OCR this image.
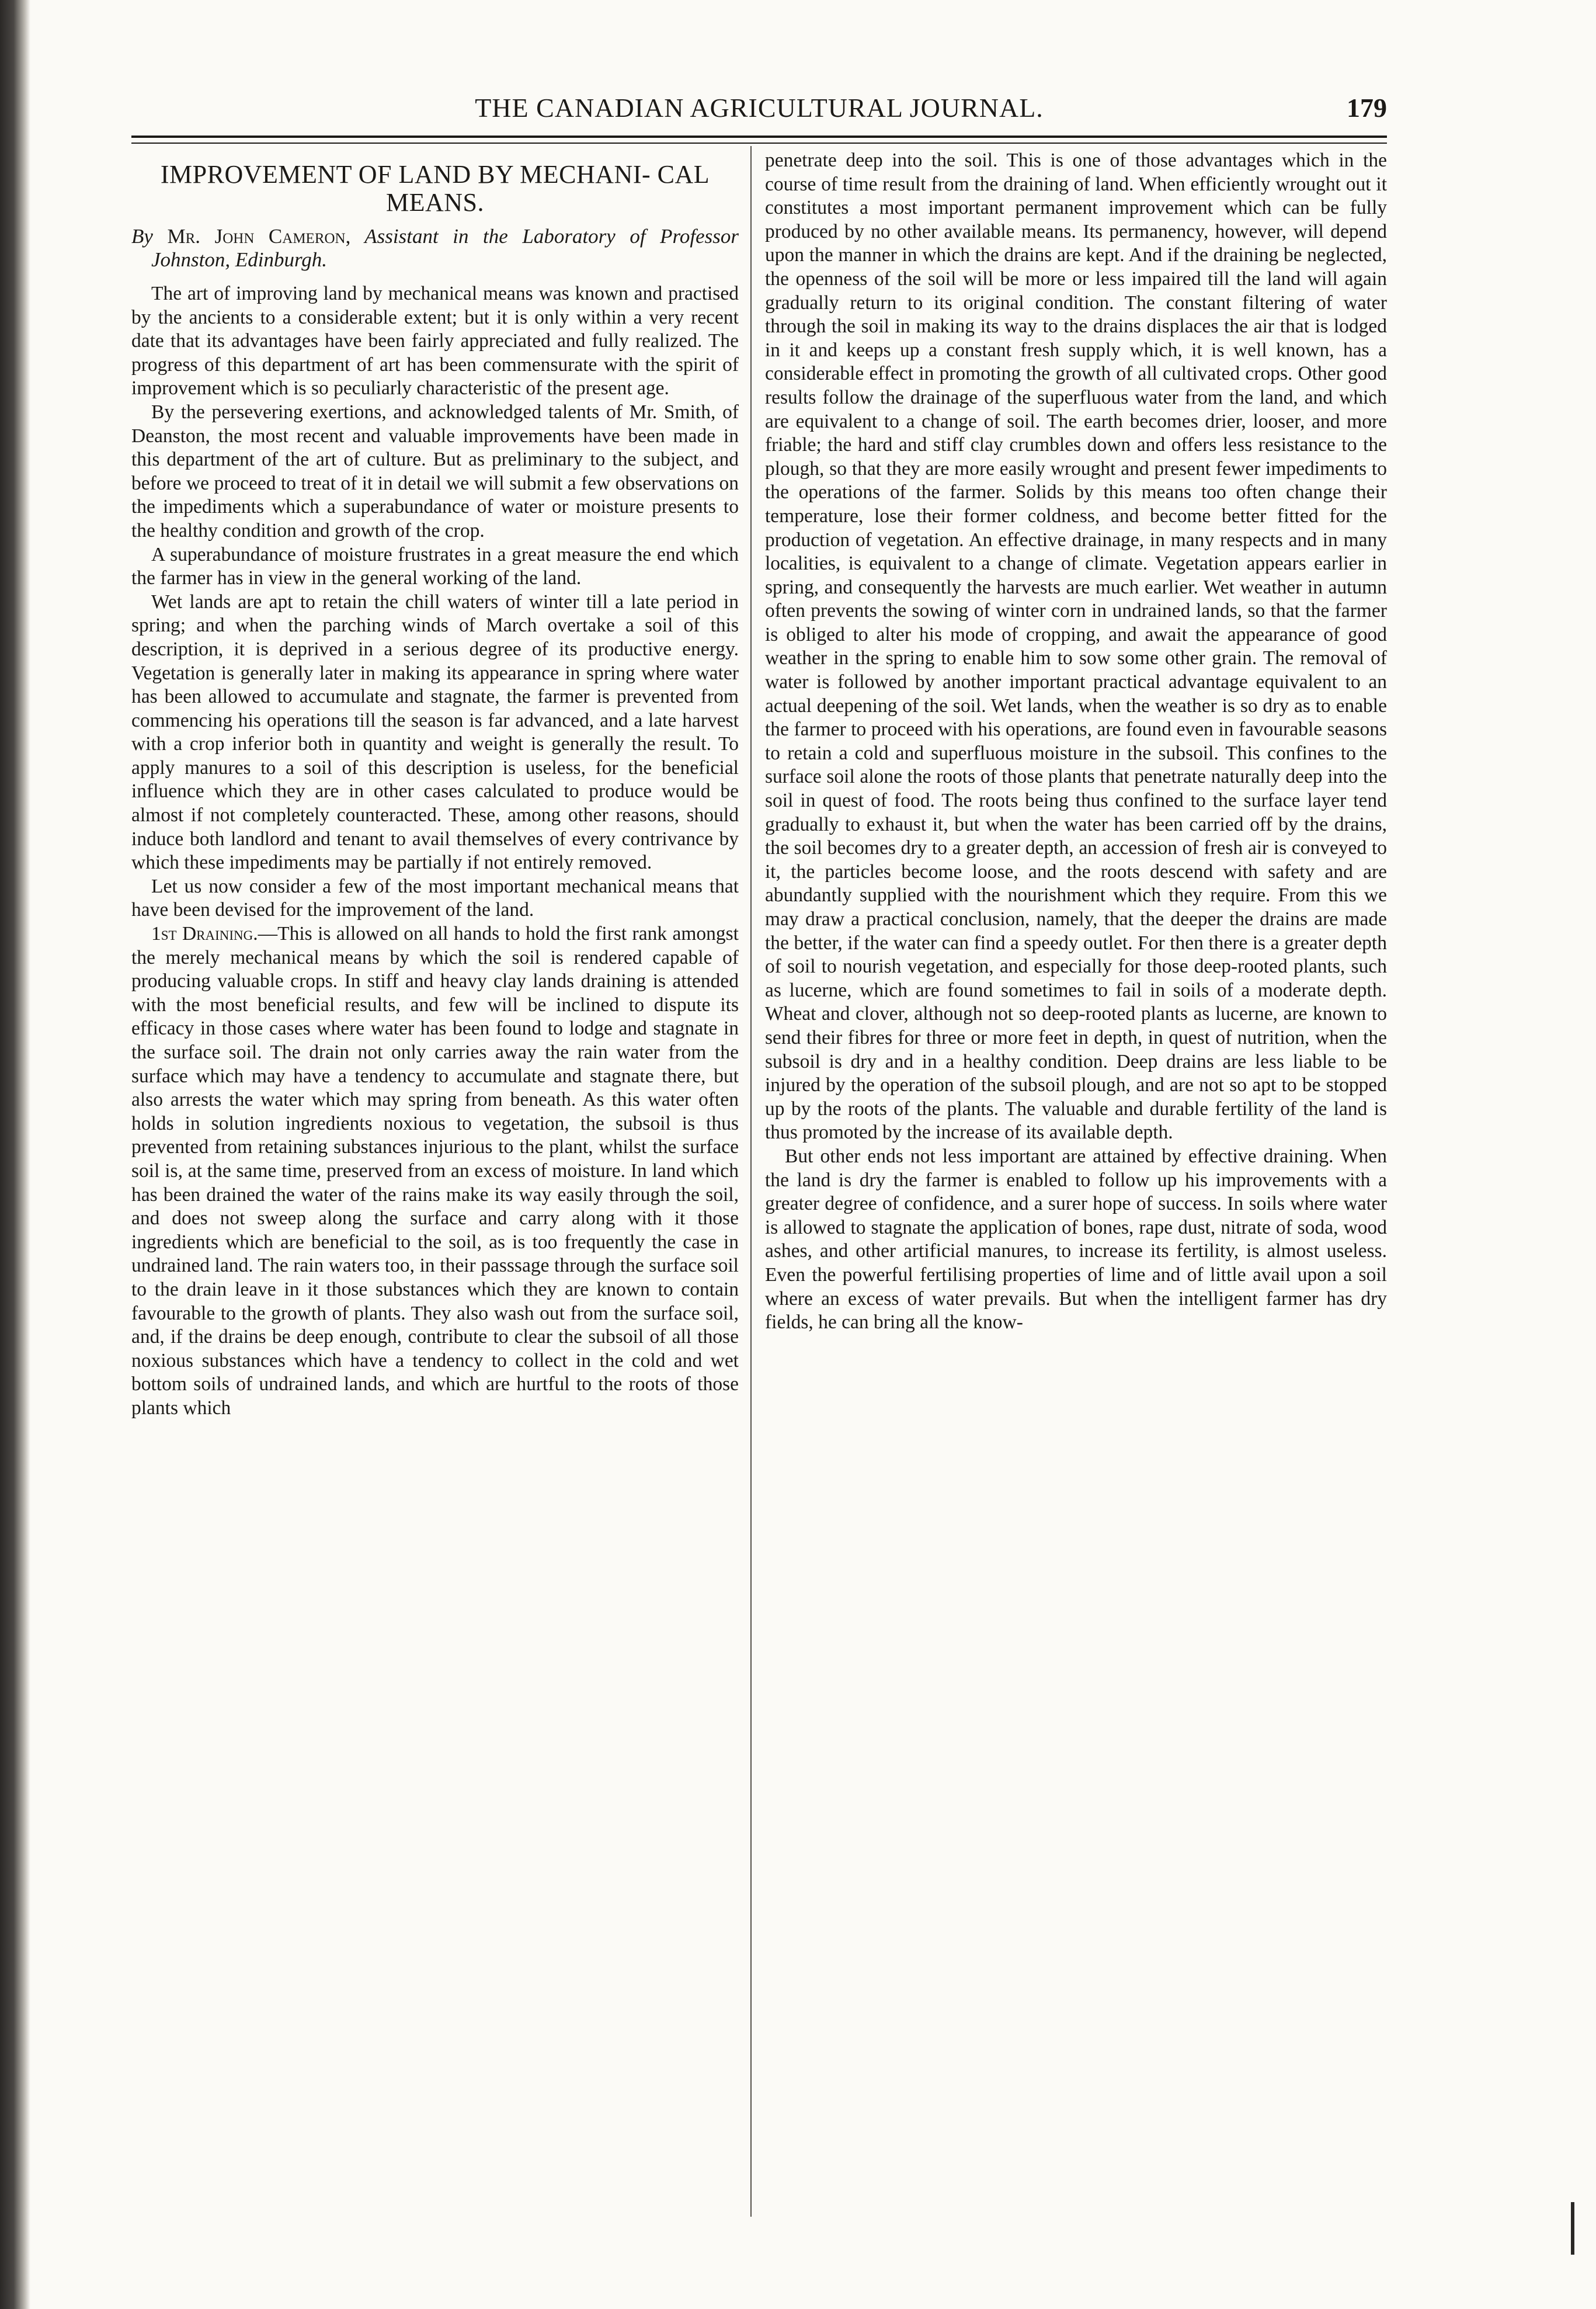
THE CANADIAN AGRICULTURAL JOURNAL.	179
IMPROVEMENT OF LAND BY MECHANI- CAL MEANS.
By Mr. John Cameron, Assistant in the Laboratory of Professor Johnston, Edinburgh.

The art of improving land by mechanical means was known and practised by the ancients to a considerable extent; but it is only within a very recent date that its advantages have been fairly appreciated and fully realized. The progress of this department of art has been commensurate with the spirit of improvement which is so peculiarly characteristic of the present age.

By the persevering exertions, and acknowledged talents of Mr. Smith, of Deanston, the most recent and valuable improvements have been made in this department of the art of culture. But as preliminary to the subject, and before we proceed to treat of it in detail we will submit a few observations on the impediments which a superabundance of water or moisture presents to the healthy condition and growth of the crop.

A superabundance of moisture frustrates in a great measure the end which the farmer has in view in the general working of the land.

Wet lands are apt to retain the chill waters of winter till a late period in spring; and when the parching winds of March overtake a soil of this description, it is deprived in a serious degree of its productive energy. Vegetation is generally later in making its appearance in spring where water has been allowed to accumulate and stagnate, the farmer is prevented from commencing his operations till the season is far advanced, and a late harvest with a crop inferior both in quantity and weight is generally the result. To apply manures to a soil of this description is useless, for the beneficial influence which they are in other cases calculated to produce would be almost if not completely counteracted. These, among other reasons, should induce both landlord and tenant to avail themselves of every contrivance by which these impediments may be partially if not entirely removed.

Let us now consider a few of the most important mechanical means that have been devised for the improvement of the land.

1st Draining.—This is allowed on all hands to hold the first rank amongst the merely mechanical means by which the soil is rendered capable of producing valuable crops. In stiff and heavy clay lands draining is attended with the most beneficial results, and few will be inclined to dispute its efficacy in those cases where water has been found to lodge and stagnate in the surface soil. The drain not only carries away the rain water from the surface which may have a tendency to accumulate and stagnate there, but also arrests the water which may spring from beneath. As this water often holds in solution ingredients noxious to vegetation, the subsoil is thus prevented from retaining substances injurious to the plant, whilst the surface soil is, at the same time, preserved from an excess of moisture. In land which has been drained the water of the rains make its way easily through the soil, and does not sweep along the surface and carry along with it those ingredients which are beneficial to the soil, as is too frequently the case in undrained land. The rain waters too, in their passsage through the surface soil to the drain leave in it those substances which they are known to contain favourable to the growth of plants. They also wash out from the surface soil, and, if the drains be deep enough, contribute to clear the subsoil of all those noxious substances which have a tendency to collect in the cold and wet bottom soils of undrained lands, and which are hurtful to the roots of those plants which

penetrate deep into the soil. This is one of those advantages which in the course of time result from the draining of land. When efficiently wrought out it constitutes a most important permanent improvement which can be fully produced by no other available means. Its permanency, however, will depend upon the manner in which the drains are kept. And if the draining be neglected, the openness of the soil will be more or less impaired till the land will again gradually return to its original condition. The constant filtering of water through the soil in making its way to the drains displaces the air that is lodged in it and keeps up a constant fresh supply which, it is well known, has a considerable effect in promoting the growth of all cultivated crops. Other good results follow the drainage of the superfluous water from the land, and which are equivalent to a change of soil. The earth becomes drier, looser, and more friable; the hard and stiff clay crumbles down and offers less resistance to the plough, so that they are more easily wrought and present fewer impediments to the operations of the farmer. Solids by this means too often change their temperature, lose their former coldness, and become better fitted for the production of vegetation. An effective drainage, in many respects and in many localities, is equivalent to a change of climate. Vegetation appears earlier in spring, and consequently the harvests are much earlier. Wet weather in autumn often prevents the sowing of winter corn in undrained lands, so that the farmer is obliged to alter his mode of cropping, and await the appearance of good weather in the spring to enable him to sow some other grain. The removal of water is followed by another important practical advantage equivalent to an actual deepening of the soil. Wet lands, when the weather is so dry as to enable the farmer to proceed with his operations, are found even in favourable seasons to retain a cold and superfluous moisture in the subsoil. This confines to the surface soil alone the roots of those plants that penetrate naturally deep into the soil in quest of food. The roots being thus confined to the surface layer tend gradually to exhaust it, but when the water has been carried off by the drains, the soil becomes dry to a greater depth, an accession of fresh air is conveyed to it, the particles become loose, and the roots descend with safety and are abundantly supplied with the nourishment which they require. From this we may draw a practical conclusion, namely, that the deeper the drains are made the better, if the water can find a speedy outlet. For then there is a greater depth of soil to nourish vegetation, and especially for those deep-rooted plants, such as lucerne, which are found sometimes to fail in soils of a moderate depth. Wheat and clover, although not so deep-rooted plants as lucerne, are known to send their fibres for three or more feet in depth, in quest of nutrition, when the subsoil is dry and in a healthy condition. Deep drains are less liable to be injured by the operation of the subsoil plough, and are not so apt to be stopped up by the roots of the plants. The valuable and durable fertility of the land is thus promoted by the increase of its available depth.

But other ends not less important are attained by effective draining. When the land is dry the farmer is enabled to follow up his improvements with a greater degree of confidence, and a surer hope of success. In soils where water is allowed to stagnate the application of bones, rape dust, nitrate of soda, wood ashes, and other artificial manures, to increase its fertility, is almost useless. Even the powerful fertilising properties of lime and of little avail upon a soil where an excess of water prevails. But when the intelligent farmer has dry fields, he can bring all the know-
